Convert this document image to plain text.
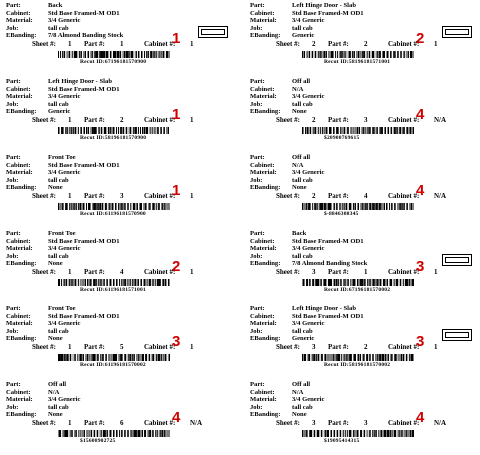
Part:	Back
Cabinet:	Std Base Framed-M OD1
Material: 3/4 Generic
Job:	tall cab
EBanding: 7/8 Almond Banding Stock
Sheet #: 1 Part #: 1	Cabinet #: 1
1
Recut ID:67196181570900
Part:	Left Hinge Door - Slab
Cabinet:	Std Base Framed-M OD1
Material: 3/4 Generic
Job:	tall cab
EBanding: Generic
Sheet #: 2 Part #: 2	Cabinet #: 1
2
Recut ID:58196181571001
Part:	Left Hinge Door - Slab
Cabinet:	Std Base Framed-M OD1
Material: 3/4 Generic
Job:	tall cab
EBanding: Generic
Sheet #: 1 Part #: 2	Cabinet #: 1
1
Recut ID:58196181570900
Part:	Off all
Cabinet:	N/A
Material: 3/4 Generic
Job:	tall cab
EBanding: None
Sheet #: 2 Part #: 3	Cabinet #: N/A
4
$20900769615
Part:	Front Toe
Cabinet:	Std Base Framed-M OD1
Material: 3/4 Generic
Job:	tall cab
EBanding: None
Sheet #: 1 Part #: 3	Cabinet #: 1
1
Recut ID:61196181570900
Part:	Off all
Cabinet:	N/A
Material: 3/4 Generic
Job:	tall cab
EBanding: None
Sheet #: 2 Part #: 4	Cabinet #: N/A
4
$-8846308345
Part:	Front Toe
Cabinet:	Std Base Framed-M OD1
Material: 3/4 Generic
Job:	tall cab
EBanding: None
Sheet #: 1 Part #: 4	Cabinet #: 1
2
Recut ID:61196181571001
Part:	Back
Cabinet:	Std Base Framed-M OD1
Material: 3/4 Generic
Job:	tall cab
EBanding: 7/8 Almond Banding Stock
Sheet #: 3 Part #: 1	Cabinet #: 1
3
Recut ID:67196181570002
Part:	Front Toe
Cabinet:	Std Base Framed-M OD1
Material: 3/4 Generic
Job:	tall cab
EBanding: None
Sheet #: 1 Part #: 5	Cabinet #: 1
3
Recut ID:61196181570002
Part:	Left Hinge Door - Slab
Cabinet:	Std Base Framed-M OD1
Material: 3/4 Generic
Job:	tall cab
EBanding: Generic
Sheet #: 3 Part #: 2	Cabinet #: 1
3
Recut ID:58196181570002
Part:	Off all
Cabinet:	N/A
Material: 3/4 Generic
Job:	tall cab
EBanding: None
Sheet #: 1 Part #: 6	Cabinet #: N/A
4
$15608902725
Part:	Off all
Cabinet:	N/A
Material: 3/4 Generic
Job:	tall cab
EBanding: None
Sheet #: 3 Part #: 3	Cabinet #: N/A
4
$19095414315
